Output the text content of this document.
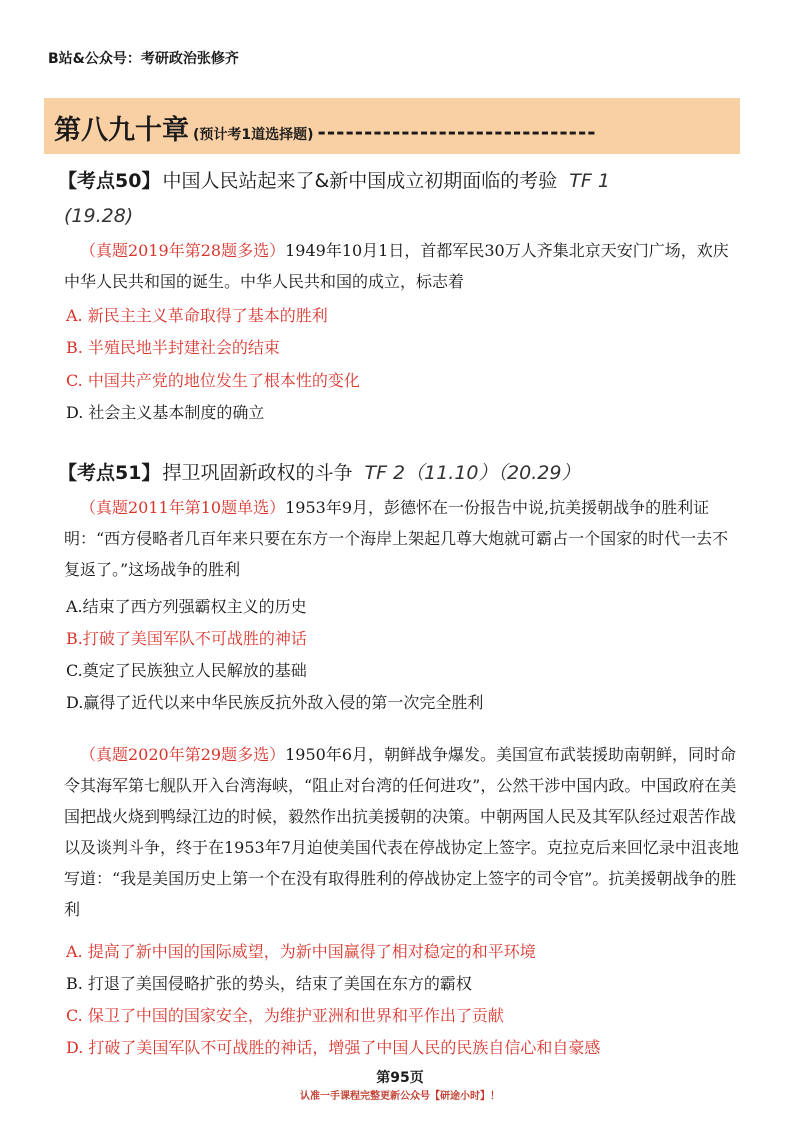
B站&公众号：考研政治张修齐
第八九十章 (预计考1道选择题) ------------------------------
【考点50】 中国人民站起来了&新中国成立初期面临的考验 TF 1
(19.28)
（真题2019年第28题多选）1949年10月1日，首都军民30万人齐集北京天安门广场，欢庆中华人民共和国的诞生。中华人民共和国的成立，标志着
A. 新民主主义革命取得了基本的胜利
B. 半殖民地半封建社会的结束
C. 中国共产党的地位发生了根本性的变化
D. 社会主义基本制度的确立
【考点51】 捍卫巩固新政权的斗争 TF 2（11.10）（20.29）
（真题2011年第10题单选）1953年9月，彭德怀在一份报告中说,抗美援朝战争的胜利证明：“西方侵略者几百年来只要在东方一个海岸上架起几尊大炮就可霸占一个国家的时代一去不复返了。”这场战争的胜利
A.结束了西方列强霸权主义的历史
B.打破了美国军队不可战胜的神话
C.奠定了民族独立人民解放的基础
D.赢得了近代以来中华民族反抗外敌入侵的第一次完全胜利
（真题2020年第29题多选）1950年6月，朝鲜战争爆发。美国宣布武装援助南朝鲜，同时命令其海军第七舰队开入台湾海峡，“阻止对台湾的任何进攻”，公然干涉中国内政。中国政府在美国把战火烧到鸭绿江边的时候，毅然作出抗美援朝的决策。中朝两国人民及其军队经过艰苦作战以及谈判斗争，终于在1953年7月迫使美国代表在停战协定上签字。克拉克后来回忆录中沮丧地写道：“我是美国历史上第一个在没有取得胜利的停战协定上签字的司令官”。抗美援朝战争的胜利
A. 提高了新中国的国际威望，为新中国赢得了相对稳定的和平环境
B. 打退了美国侵略扩张的势头，结束了美国在东方的霸权
C. 保卫了中国的国家安全，为维护亚洲和世界和平作出了贡献
D. 打破了美国军队不可战胜的神话，增强了中国人民的民族自信心和自豪感
第95页
认准一手课程完整更新公众号【研途小时】！
